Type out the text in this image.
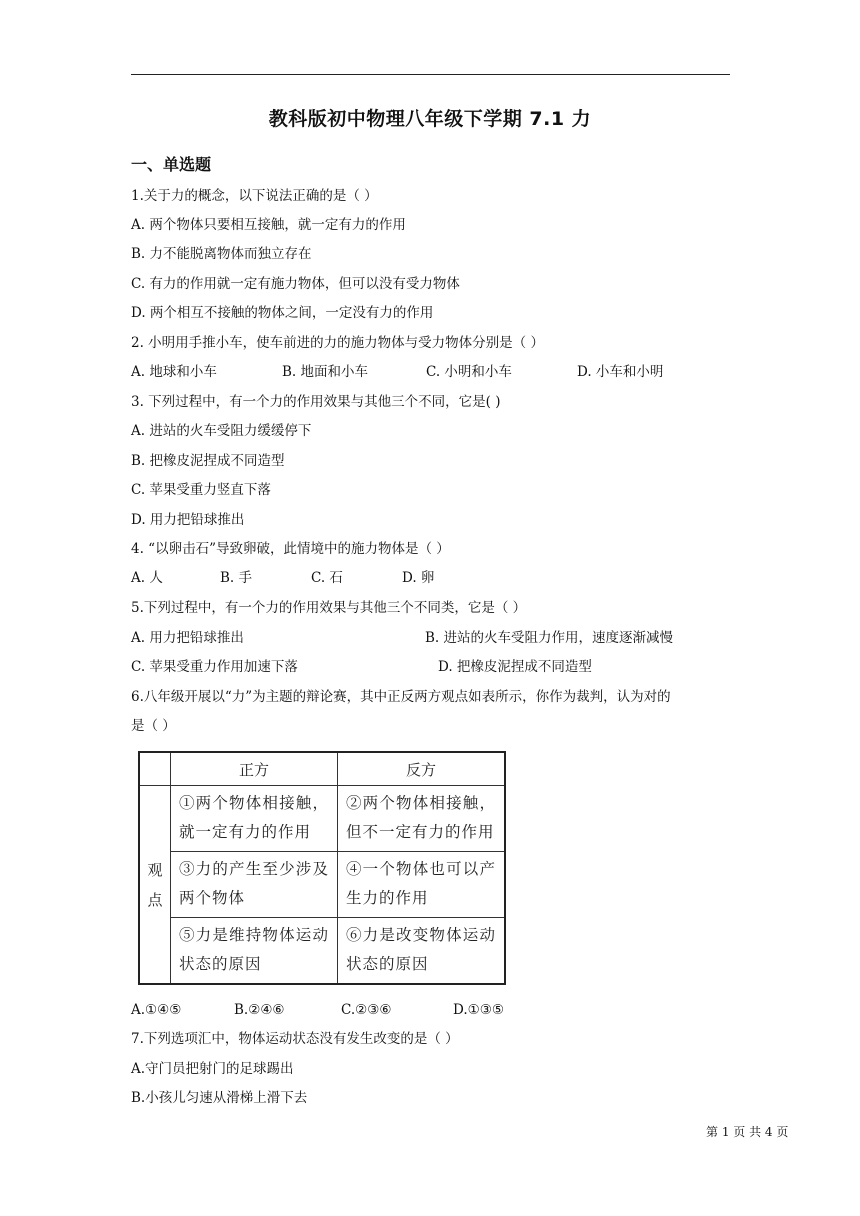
教科版初中物理八年级下学期 7.1 力
一、单选题
1.关于力的概念，以下说法正确的是（ ）
A. 两个物体只要相互接触，就一定有力的作用
B. 力不能脱离物体而独立存在
C. 有力的作用就一定有施力物体，但可以没有受力物体
D. 两个相互不接触的物体之间，一定没有力的作用
2. 小明用手推小车，使车前进的力的施力物体与受力物体分别是（ ）
A. 地球和小车	B. 地面和小车	C. 小明和小车	D. 小车和小明
3. 下列过程中，有一个力的作用效果与其他三个不同，它是( )
A. 进站的火车受阻力缓缓停下
B. 把橡皮泥捏成不同造型
C. 苹果受重力竖直下落
D. 用力把铅球推出
4. “以卵击石”导致卵破，此情境中的施力物体是（ ）
A. 人	B. 手	C. 石	D. 卵
5.下列过程中，有一个力的作用效果与其他三个不同类，它是（ ）
A. 用力把铅球推出	B. 进站的火车受阻力作用，速度逐渐减慢
C. 苹果受重力作用加速下落	D. 把橡皮泥捏成不同造型
6.八年级开展以“力”为主题的辩论赛，其中正反两方观点如表所示，你作为裁判，认为对的
是（ ）
	正方	反方
观点	①两个物体相接触，就一定有力的作用	②两个物体相接触，但不一定有力的作用
	③力的产生至少涉及两个物体	④一个物体也可以产生力的作用
	⑤力是维持物体运动状态的原因	⑥力是改变物体运动状态的原因
A.①④⑤	B.②④⑥	C.②③⑥	D.①③⑤
7.下列选项汇中，物体运动状态没有发生改变的是（ ）
A.守门员把射门的足球踢出
B.小孩儿匀速从滑梯上滑下去
第 1 页 共 4 页
